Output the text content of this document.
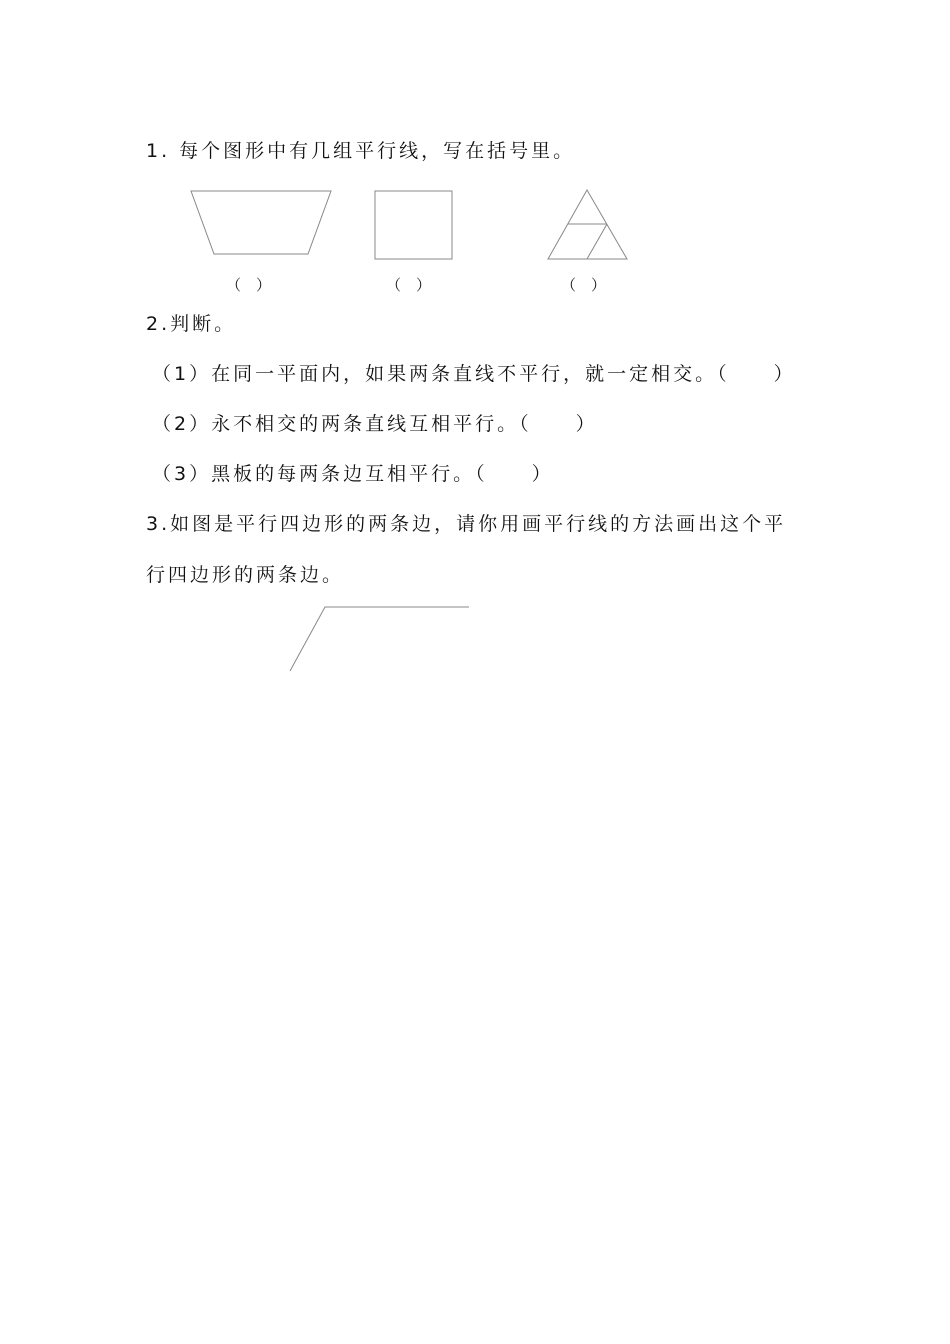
1. 每个图形中有几组平行线，写在括号里。
（　）	（　）	（　）
2.判断。
（1）在同一平面内，如果两条直线不平行，就一定相交。（　　）
（2）永不相交的两条直线互相平行。（　　）
（3）黑板的每两条边互相平行。（　　）
3.如图是平行四边形的两条边，请你用画平行线的方法画出这个平
行四边形的两条边。
